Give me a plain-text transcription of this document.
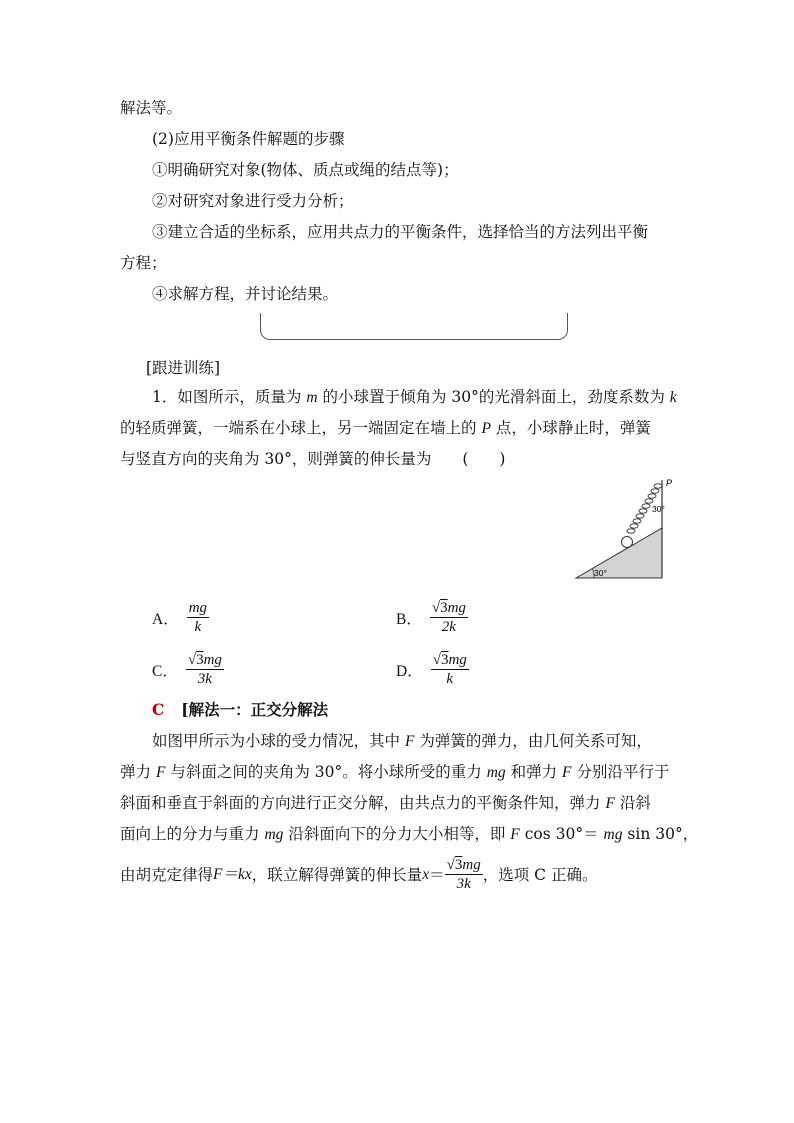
解法等。
(2)应用平衡条件解题的步骤
①明确研究对象(物体、质点或绳的结点等)；
②对研究对象进行受力分析；
③建立合适的坐标系，应用共点力的平衡条件，选择恰当的方法列出平衡
方程；
④求解方程，并讨论结果。
[跟进训练]
1．如图所示，质量为 m 的小球置于倾角为 30°的光滑斜面上，劲度系数为 k
的轻质弹簧，一端系在小球上，另一端固定在墙上的 P 点，小球静止时，弹簧
与竖直方向的夹角为 30°，则弹簧的伸长量为 (　　)
P
30°
30°
A． $\frac{mg}{k}$	B． $\frac{√3mg}{2k}$
C． $\frac{√3mg}{3k}$	D． $\frac{√3mg}{k}$
C [解法一：正交分解法
如图甲所示为小球的受力情况，其中 F 为弹簧的弹力，由几何关系可知，
弹力 F 与斜面之间的夹角为 30°。将小球所受的重力 mg 和弹力 F 分别沿平行于
斜面和垂直于斜面的方向进行正交分解，由共点力的平衡条件知，弹力 F 沿斜
面向上的分力与重力 mg 沿斜面向下的分力大小相等，即 F cos 30°＝ mg sin 30°，
由胡克定律得 F＝kx ，联立解得弹簧的伸长量 $x = \frac{√3mg}{3k}$ ，选项 C 正确。
